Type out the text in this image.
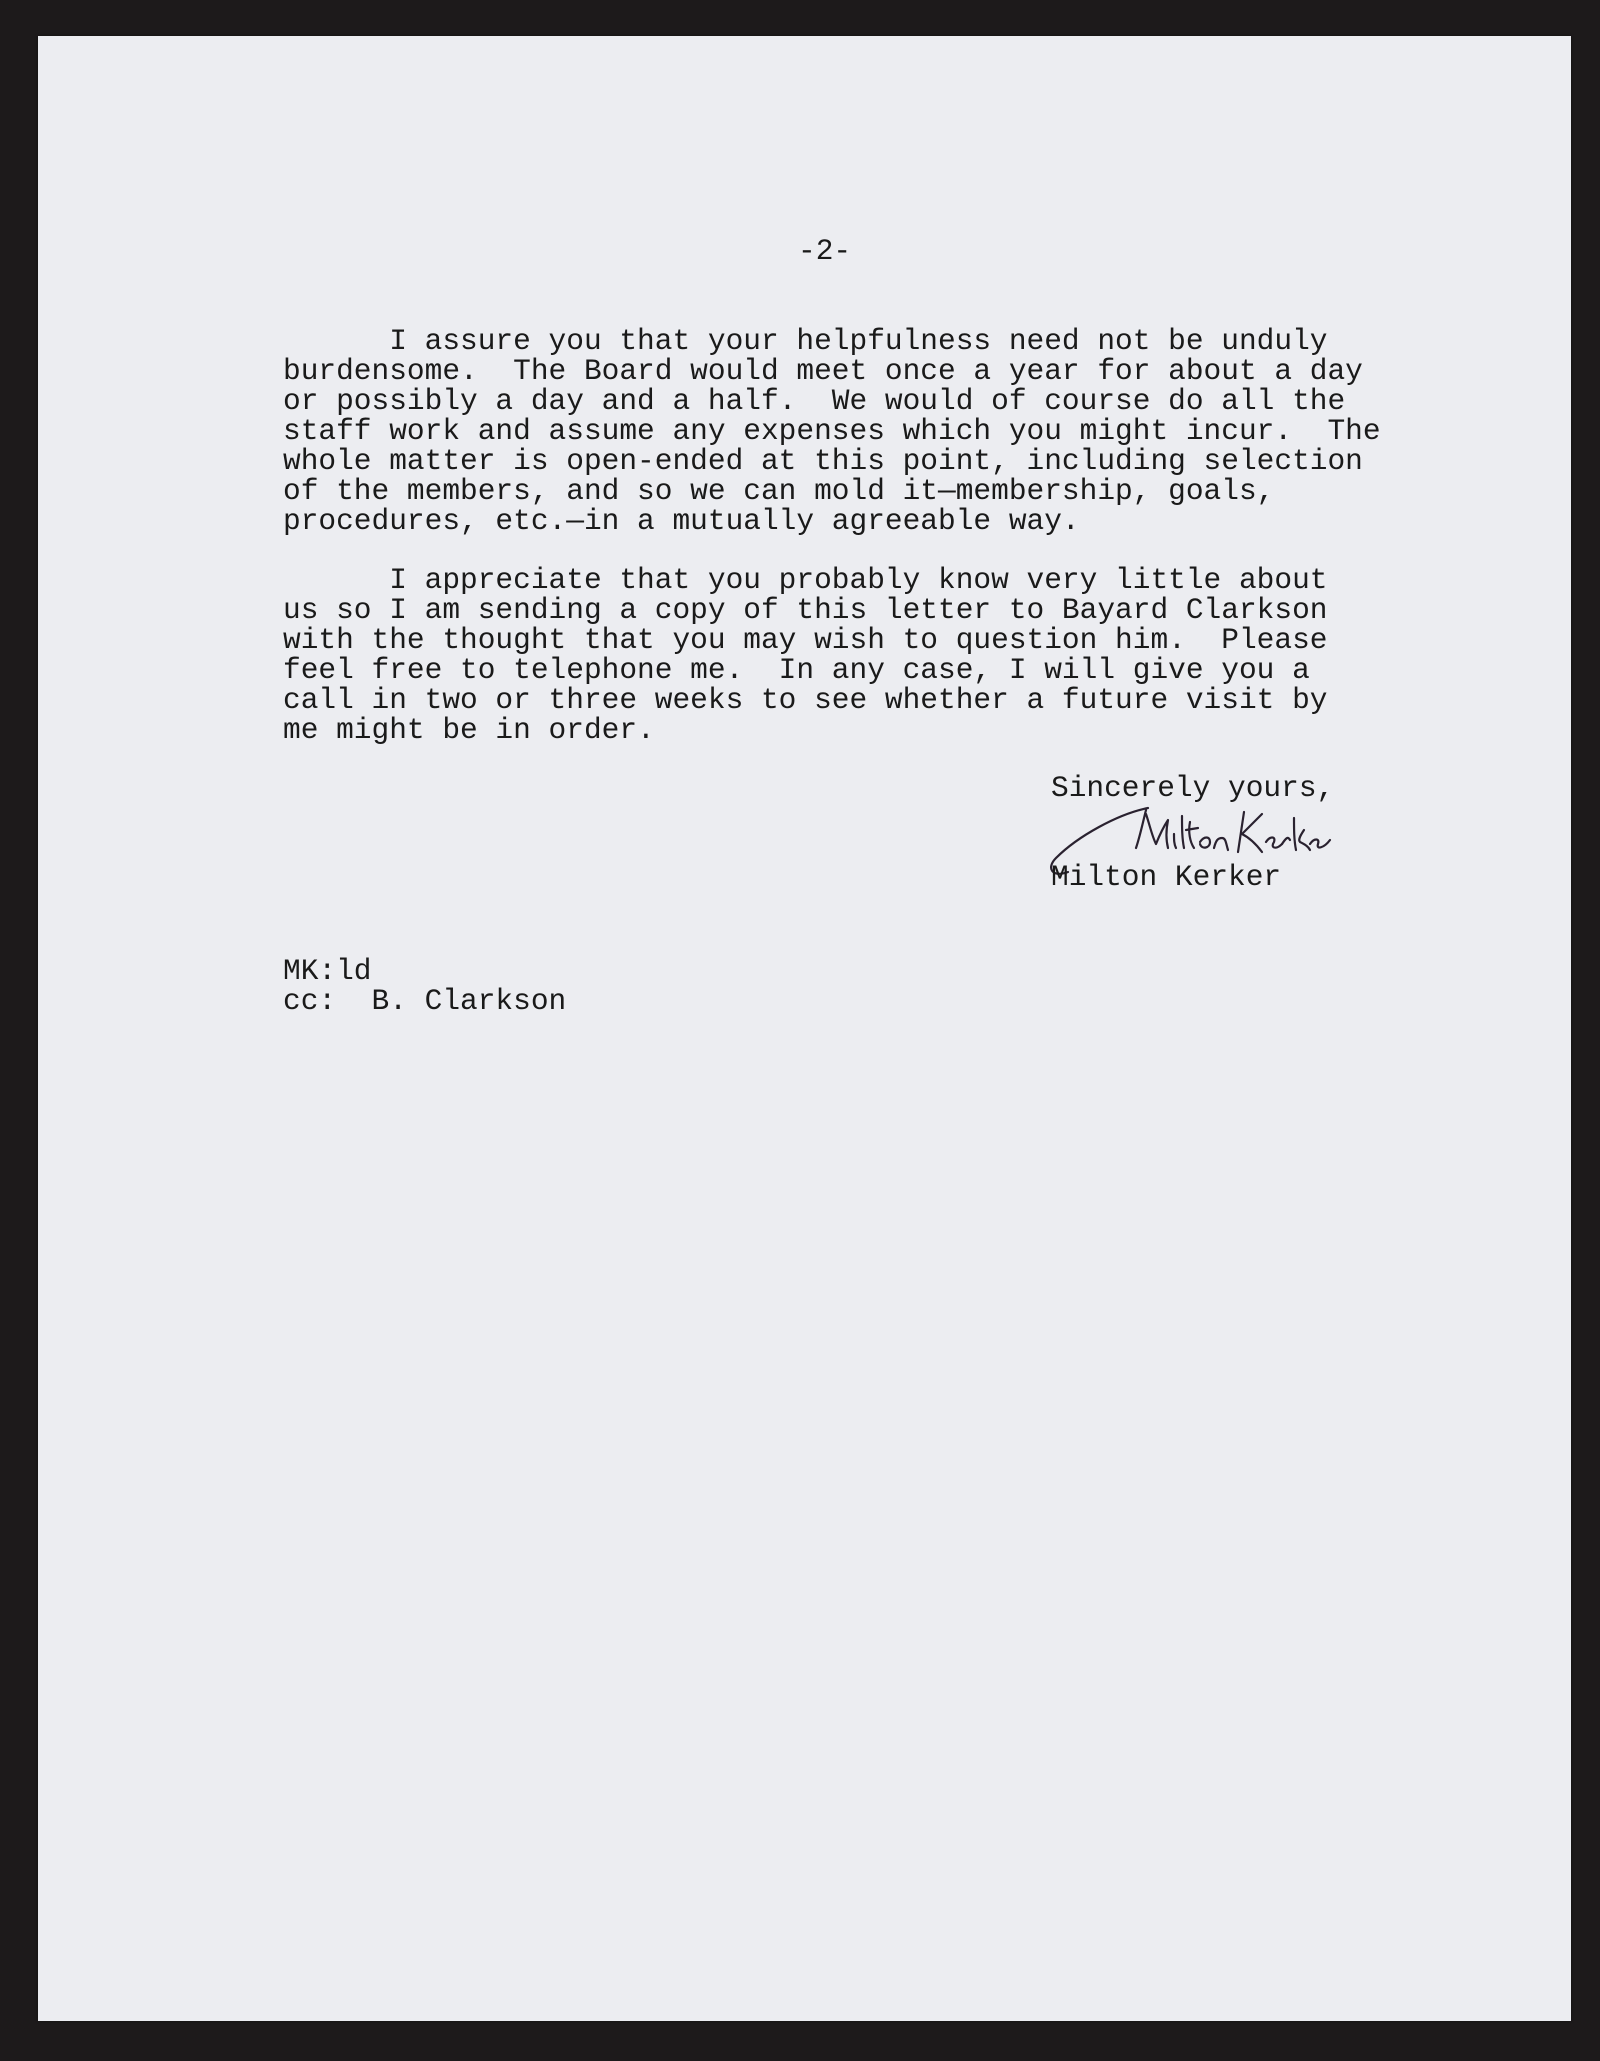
-2-

I assure you that your helpfulness need not be unduly
burdensome.  The Board would meet once a year for about a day
or possibly a day and a half.  We would of course do all the
staff work and assume any expenses which you might incur.  The
whole matter is open-ended at this point, including selection
of the members, and so we can mold it—membership, goals,
procedures, etc.—in a mutually agreeable way.

I appreciate that you probably know very little about
us so I am sending a copy of this letter to Bayard Clarkson
with the thought that you may wish to question him.  Please
feel free to telephone me.  In any case, I will give you a
call in two or three weeks to see whether a future visit by
me might be in order.

Sincerely yours,

Milton Kerker

MK:ld

cc:  B. Clarkson
